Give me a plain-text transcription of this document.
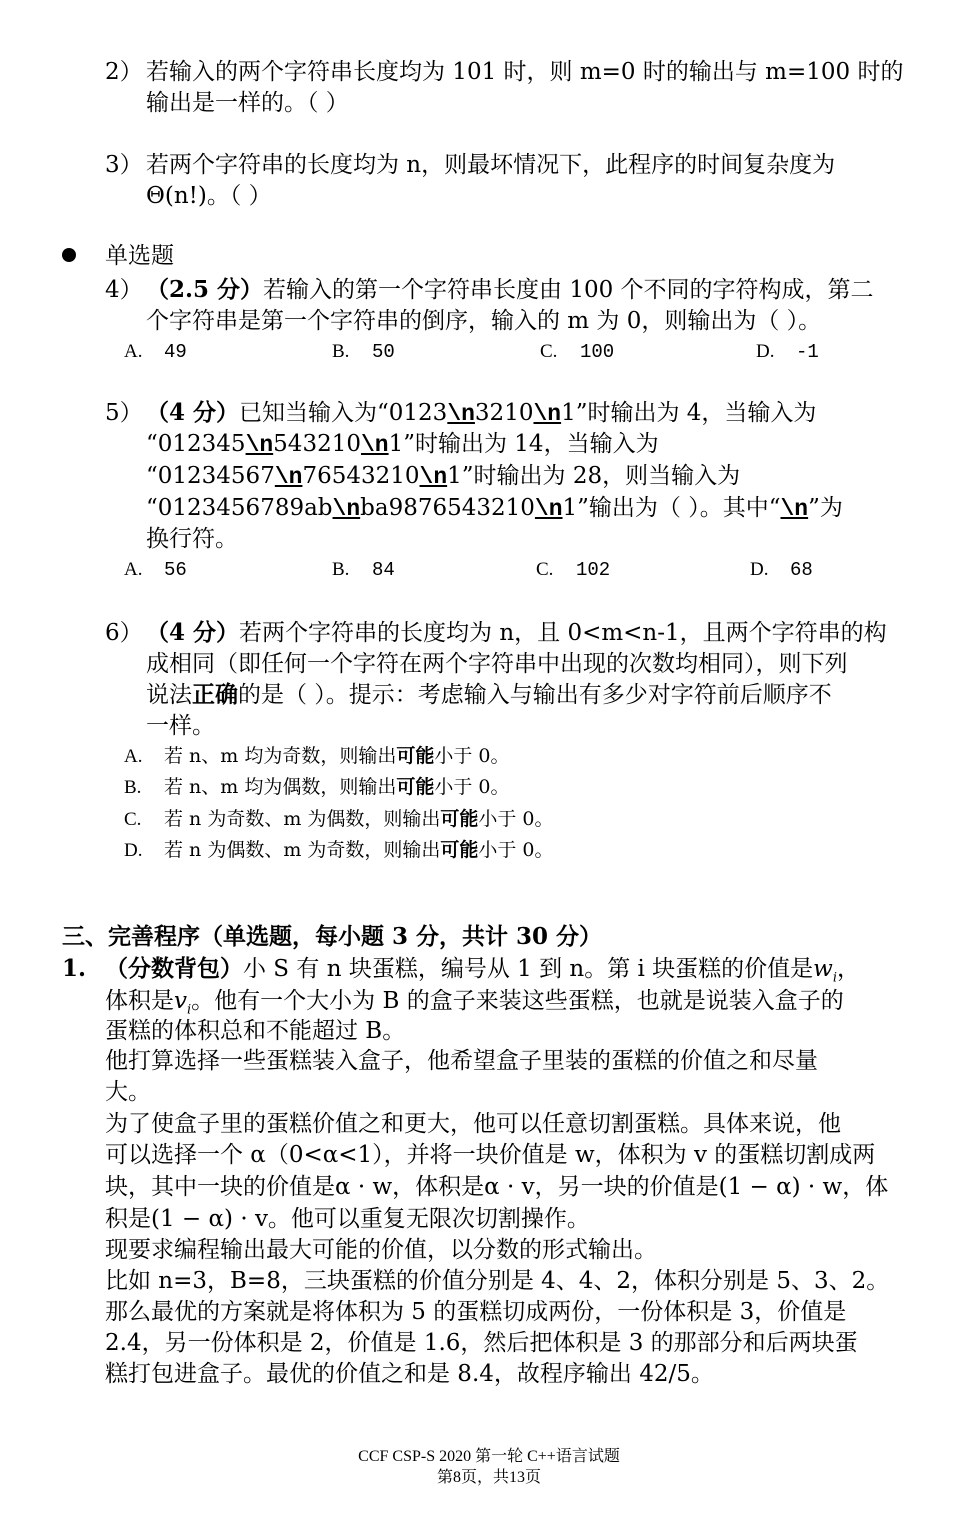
2） 若输入的两个字符串长度均为 101 时，则 m=0 时的输出与 m=100 时的
输出是一样的。（ ）
3） 若两个字符串的长度均为 n，则最坏情况下，此程序的时间复杂度为
Θ(n!)。（ ）
单选题
4） （2.5 分）若输入的第一个字符串长度由 100 个不同的字符构成，第二
个字符串是第一个字符串的倒序，输入的 m 为 0，则输出为（ ）。
A. 49	B. 50	C. 100	D. -1
5） （4 分）已知当输入为“0123\n3210\n1”时输出为 4，当输入为
“012345\n543210\n1”时输出为 14，当输入为
“01234567\n76543210\n1”时输出为 28，则当输入为
“0123456789ab\nba9876543210\n1”输出为（ ）。其中“\n”为
换行符。
A. 56	B. 84	C. 102	D. 68
6） （4 分）若两个字符串的长度均为 n，且 0<m<n-1，且两个字符串的构
成相同（即任何一个字符在两个字符串中出现的次数均相同），则下列
说法正确的是（ ）。提示：考虑输入与输出有多少对字符前后顺序不
一样。
A. 若 n、m 均为奇数，则输出可能小于 0。
B. 若 n、m 均为偶数，则输出可能小于 0。
C. 若 n 为奇数、m 为偶数，则输出可能小于 0。
D. 若 n 为偶数、m 为奇数，则输出可能小于 0。
三、完善程序（单选题，每小题 3 分，共计 30 分）
1. （分数背包）小 S 有 n 块蛋糕，编号从 1 到 n。第 i 块蛋糕的价值是$w_i$，
体积是$v_i$。他有一个大小为 B 的盒子来装这些蛋糕，也就是说装入盒子的
蛋糕的体积总和不能超过 B。
他打算选择一些蛋糕装入盒子，他希望盒子里装的蛋糕的价值之和尽量
大。
为了使盒子里的蛋糕价值之和更大，他可以任意切割蛋糕。具体来说，他
可以选择一个 α（0<α<1），并将一块价值是 w，体积为 v 的蛋糕切割成两
块，其中一块的价值是α · w，体积是α · v，另一块的价值是(1 − α) · w，体
积是(1 − α) · v。他可以重复无限次切割操作。
现要求编程输出最大可能的价值，以分数的形式输出。
比如 n=3，B=8，三块蛋糕的价值分别是 4、4、2，体积分别是 5、3、2。
那么最优的方案就是将体积为 5 的蛋糕切成两份，一份体积是 3，价值是
2.4，另一份体积是 2，价值是 1.6，然后把体积是 3 的那部分和后两块蛋
糕打包进盒子。最优的价值之和是 8.4，故程序输出 42/5。
CCF CSP-S 2020 第一轮 C++语言试题
第8页，共13页
